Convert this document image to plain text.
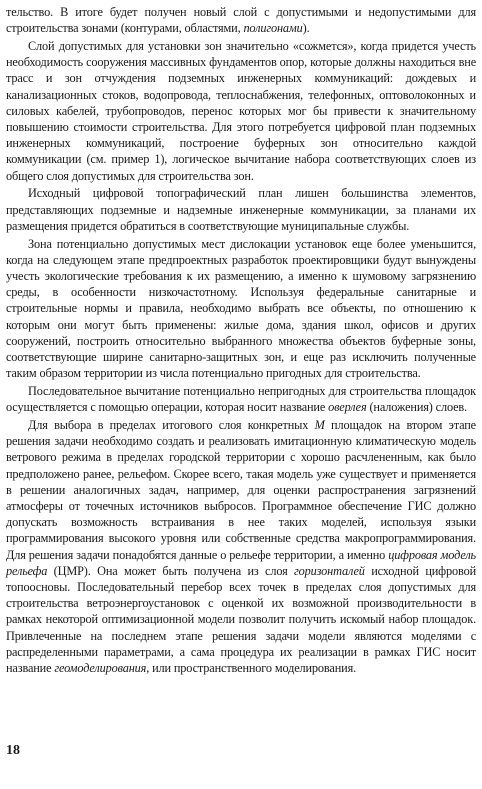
тельство. В итоге будет получен новый слой с допустимыми и недопустимыми для строительства зонами (контурами, областями, полигонами).

Слой допустимых для установки зон значительно «сожмется», когда придется учесть необходимость сооружения массивных фундаментов опор, которые должны находиться вне трасс и зон отчуждения подземных инженерных коммуникаций: дождевых и канализационных стоков, водопровода, теплоснабжения, телефонных, оптоволоконных и силовых кабелей, трубопроводов, перенос которых мог бы привести к значительному повышению стоимости строительства. Для этого потребуется цифровой план подземных инженерных коммуникаций, построение буферных зон относительно каждой коммуникации (см. пример 1), логическое вычитание набора соответствующих слоев из общего слоя допустимых для строительства зон.

Исходный цифровой топографический план лишен большинства элементов, представляющих подземные и надземные инженерные коммуникации, за планами их размещения придется обратиться в соответствующие муниципальные службы.

Зона потенциально допустимых мест дислокации установок еще более уменьшится, когда на следующем этапе предпроектных разработок проектировщики будут вынуждены учесть экологические требования к их размещению, а именно к шумовому загрязнению среды, в особенности низкочастотному. Используя федеральные санитарные и строительные нормы и правила, необходимо выбрать все объекты, по отношению к которым они могут быть применены: жилые дома, здания школ, офисов и других сооружений, построить относительно выбранного множества объектов буферные зоны, соответствующие ширине санитарно-защитных зон, и еще раз исключить полученные таким образом территории из числа потенциально пригодных для строительства.

Последовательное вычитание потенциально непригодных для строительства площадок осуществляется с помощью операции, которая носит название оверлея (наложения) слоев.

Для выбора в пределах итогового слоя конкретных М площадок на втором этапе решения задачи необходимо создать и реализовать имитационную климатическую модель ветрового режима в пределах городской территории с хорошо расчлененным, как было предположено ранее, рельефом. Скорее всего, такая модель уже существует и применяется в решении аналогичных задач, например, для оценки распространения загрязнений атмосферы от точечных источников выбросов. Программное обеспечение ГИС должно допускать возможность встраивания в нее таких моделей, используя языки программирования высокого уровня или собственные средства макропрограммирования. Для решения задачи понадобятся данные о рельефе территории, а именно цифровая модель рельефа (ЦМР). Она может быть получена из слоя горизонталей исходной цифровой топоосновы. Последовательный перебор всех точек в пределах слоя допустимых для строительства ветроэнергоустановок с оценкой их возможной производительности в рамках некоторой оптимизационной модели позволит получить искомый набор площадок. Привлеченные на последнем этапе решения задачи модели являются моделями с распределенными параметрами, а сама процедура их реализации в рамках ГИС носит название геомоделирования, или пространственного моделирования.

18
